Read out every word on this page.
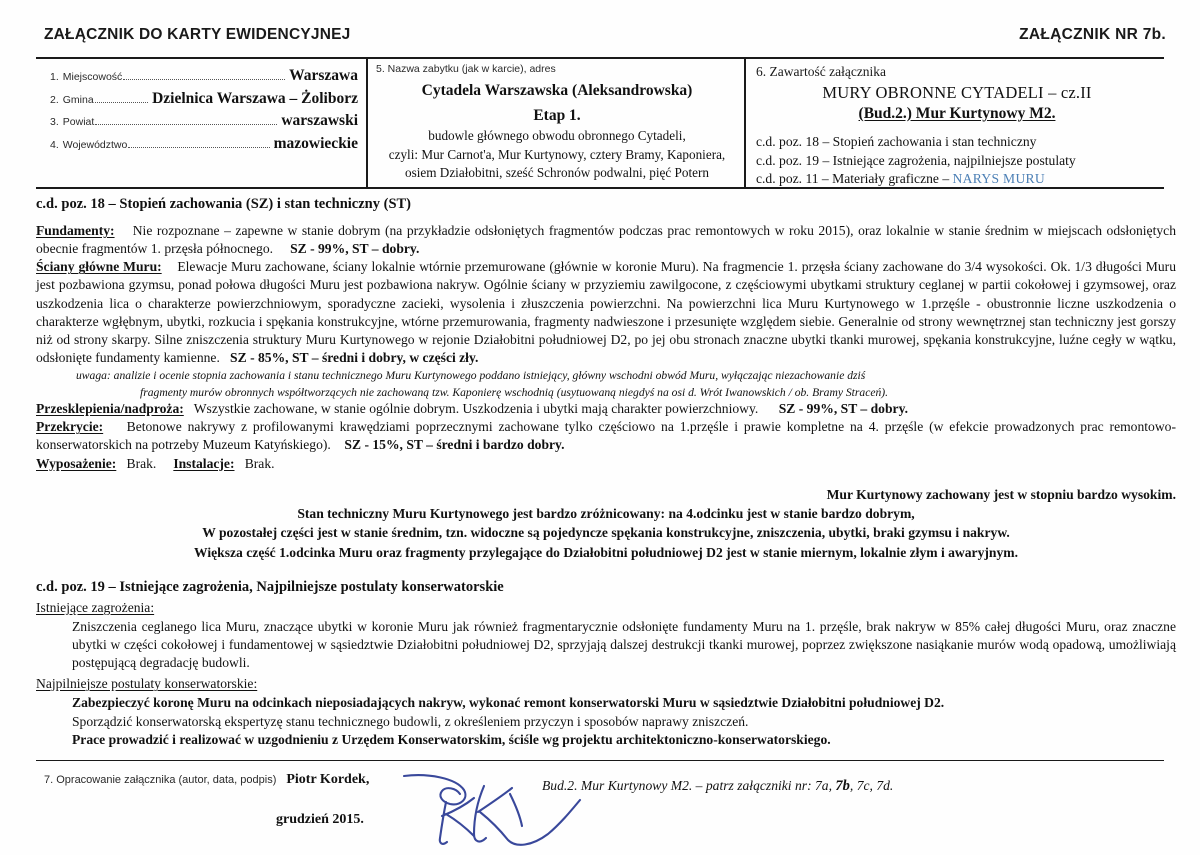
ZAŁĄCZNIK DO KARTY EWIDENCYJNEJ	ZAŁĄCZNIK NR 7b.
1. Miejscowość	Warszawa
2. Gmina	Dzielnica Warszawa – Żoliborz
3. Powiat	warszawski
4. Województwo	mazowieckie
5. Nazwa zabytku (jak w karcie), adres
Cytadela Warszawska (Aleksandrowska)
Etap 1.
budowle głównego obwodu obronnego Cytadeli,
czyli: Mur Carnot'a, Mur Kurtynowy, cztery Bramy, Kaponiera,
osiem Działobitni, sześć Schronów podwalni, pięć Potern
6. Zawartość załącznika
MURY OBRONNE CYTADELI – cz.II
(Bud.2.) Mur Kurtynowy M2.
c.d. poz. 18 – Stopień zachowania i stan techniczny
c.d. poz. 19 – Istniejące zagrożenia, najpilniejsze postulaty
c.d. poz. 11 – Materiały graficzne – NARYS MURU
c.d. poz. 18 – Stopień zachowania (SZ) i stan techniczny (ST)

Fundamenty: Nie rozpoznane – zapewne w stanie dobrym (na przykładzie odsłoniętych fragmentów podczas prac remontowych w roku 2015), oraz lokalnie w stanie średnim w miejscach odsłoniętych obecnie fragmentów 1. przęsła północnego. SZ - 99%, ST – dobry.

Ściany główne Muru: Elewacje Muru zachowane, ściany lokalnie wtórnie przemurowane (głównie w koronie Muru). Na fragmencie 1. przęsła ściany zachowane do 3/4 wysokości. Ok. 1/3 długości Muru jest pozbawiona gzymsu, ponad połowa długości Muru jest pozbawiona nakryw. Ogólnie ściany w przyziemiu zawilgocone, z częściowymi ubytkami struktury ceglanej w partii cokołowej i gzymsowej, oraz uszkodzenia lica o charakterze powierzchniowym, sporadyczne zacieki, wysolenia i złuszczenia powierzchni. Na powierzchni lica Muru Kurtynowego w 1.przęśle - obustronnie liczne uszkodzenia o charakterze wgłębnym, ubytki, rozkucia i spękania konstrukcyjne, wtórne przemurowania, fragmenty nadwieszone i przesunięte względem siebie. Generalnie od strony wewnętrznej stan techniczny jest gorszy niż od strony skarpy. Silne zniszczenia struktury Muru Kurtynowego w rejonie Działobitni południowej D2, po jej obu stronach znaczne ubytki tkanki murowej, spękania konstrukcyjne, luźne cegły w wątku, odsłonięte fundamenty kamienne. SZ - 85%, ST – średni i dobry, w części zły.

uwaga: analizie i ocenie stopnia zachowania i stanu technicznego Muru Kurtynowego poddano istniejący, główny wschodni obwód Muru, wyłączając niezachowanie dziś

fragmenty murów obronnych współtworzących nie zachowaną tzw. Kaponierę wschodnią (usytuowaną niegdyś na osi d. Wrót Iwanowskich / ob. Bramy Straceń).

Przesklepienia/nadproża: Wszystkie zachowane, w stanie ogólnie dobrym. Uszkodzenia i ubytki mają charakter powierzchniowy. SZ - 99%, ST – dobry.

Przekrycie: Betonowe nakrywy z profilowanymi krawędziami poprzecznymi zachowane tylko częściowo na 1.przęśle i prawie kompletne na 4. przęśle (w efekcie prowadzonych prac remontowo-konserwatorskich na potrzeby Muzeum Katyńskiego). SZ - 15%, ST – średni i bardzo dobry.

Wyposażenie: Brak. Instalacje: Brak.

Mur Kurtynowy zachowany jest w stopniu bardzo wysokim.
Stan techniczny Muru Kurtynowego jest bardzo zróżnicowany: na 4.odcinku jest w stanie bardzo dobrym,
W pozostałej części jest w stanie średnim, tzn. widoczne są pojedyncze spękania konstrukcyjne, zniszczenia, ubytki, braki gzymsu i nakryw.
Większa część 1.odcinka Muru oraz fragmenty przylegające do Działobitni południowej D2 jest w stanie miernym, lokalnie złym i awaryjnym.
c.d. poz. 19 – Istniejące zagrożenia, Najpilniejsze postulaty konserwatorskie
Istniejące zagrożenia:

Zniszczenia ceglanego lica Muru, znaczące ubytki w koronie Muru jak również fragmentarycznie odsłonięte fundamenty Muru na 1. przęśle, brak nakryw w 85% całej długości Muru, oraz znaczne ubytki w części cokołowej i fundamentowej w sąsiedztwie Działobitni południowej D2, sprzyjają dalszej destrukcji tkanki murowej, poprzez zwiększone nasiąkanie murów wodą opadową, umożliwiają postępującą degradację budowli.

Najpilniejsze postulaty konserwatorskie:

Zabezpieczyć koronę Muru na odcinkach nieposiadających nakryw, wykonać remont konserwatorski Muru w sąsiedztwie Działobitni południowej D2.

Sporządzić konserwatorską ekspertyzę stanu technicznego budowli, z określeniem przyczyn i sposobów naprawy zniszczeń.

Prace prowadzić i realizować w uzgodnieniu z Urzędem Konserwatorskim, ściśle wg projektu architektoniczno-konserwatorskiego.

7. Opracowanie załącznika (autor, data, podpis) Piotr Kordek,
grudzień 2015.
Bud.2. Mur Kurtynowy M2. – patrz załączniki nr: 7a, 7b, 7c, 7d.
